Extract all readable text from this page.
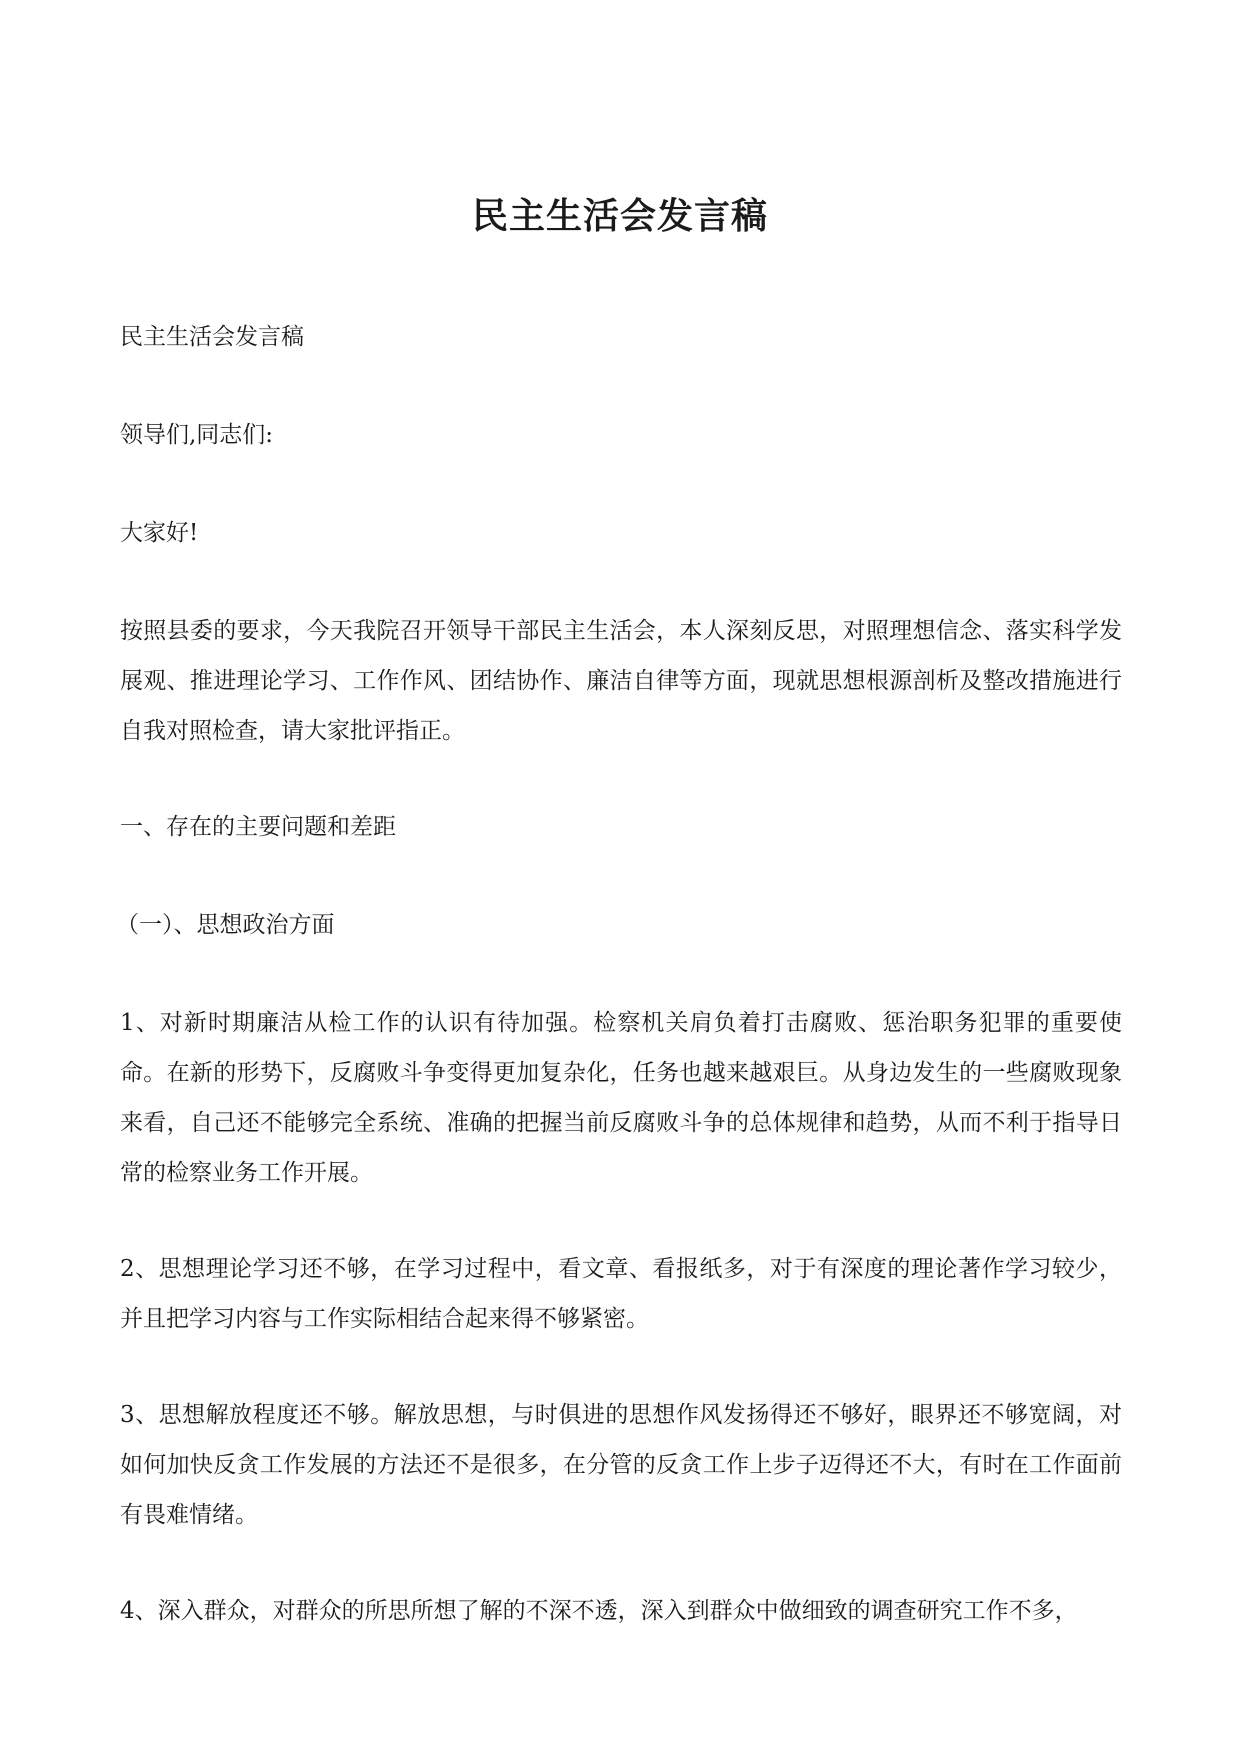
民主生活会发言稿

民主生活会发言稿

领导们,同志们:

大家好!

按照县委的要求，今天我院召开领导干部民主生活会，本人深刻反思，对照理想信念、落实科学发展观、推进理论学习、工作作风、团结协作、廉洁自律等方面，现就思想根源剖析及整改措施进行自我对照检查，请大家批评指正。

一、存在的主要问题和差距

（一）、思想政治方面

1、对新时期廉洁从检工作的认识有待加强。检察机关肩负着打击腐败、惩治职务犯罪的重要使命。在新的形势下，反腐败斗争变得更加复杂化，任务也越来越艰巨。从身边发生的一些腐败现象来看，自己还不能够完全系统、准确的把握当前反腐败斗争的总体规律和趋势，从而不利于指导日常的检察业务工作开展。

2、思想理论学习还不够，在学习过程中，看文章、看报纸多，对于有深度的理论著作学习较少，并且把学习内容与工作实际相结合起来得不够紧密。

3、思想解放程度还不够。解放思想，与时俱进的思想作风发扬得还不够好，眼界还不够宽阔，对如何加快反贪工作发展的方法还不是很多，在分管的反贪工作上步子迈得还不大，有时在工作面前有畏难情绪。

4、深入群众，对群众的所思所想了解的不深不透，深入到群众中做细致的调查研究工作不多，
